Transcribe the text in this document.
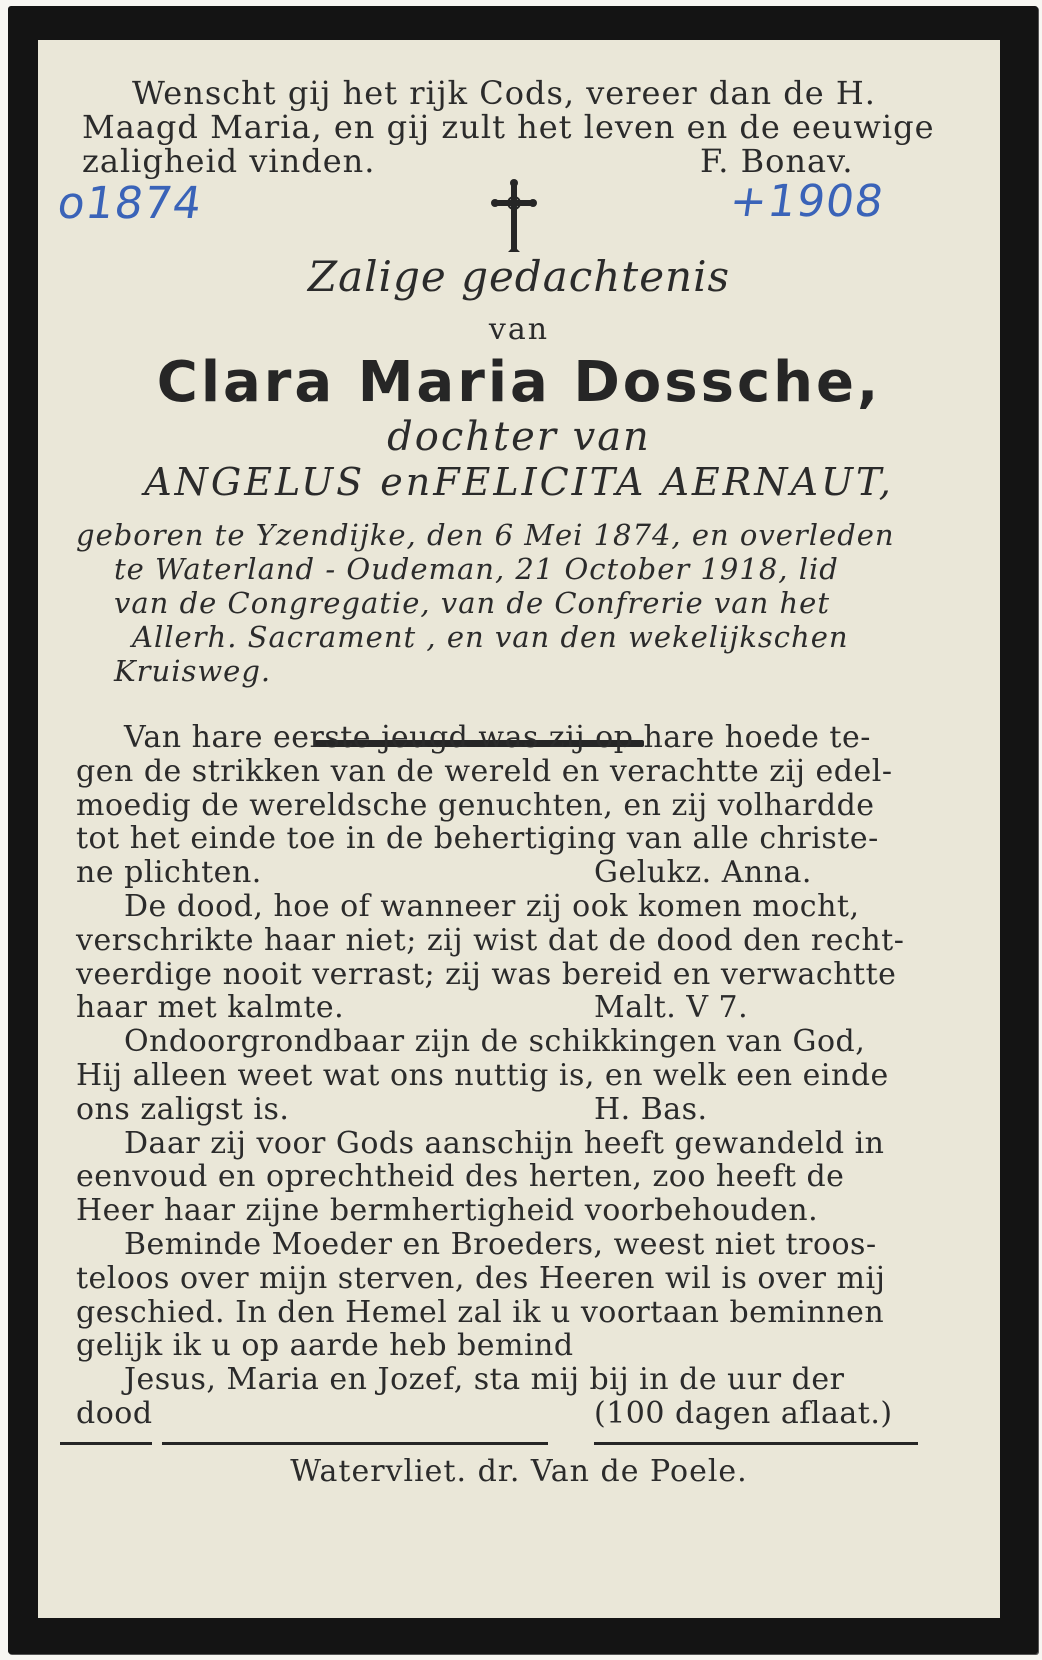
Wenscht gij het rijk Cods, vereer dan de H.

Maagd Maria, en gij zult het leven en de eeuwige

zaligheid vinden.	F. Bonav.

o1874	+1908

Zalige gedachtenis

van

Clara Maria Dossche,

dochter van

ANGELUS enFELICITA AERNAUT,

geboren te Yzendijke, den 6 Mei 1874, en overleden

te Waterland - Oudeman, 21 October 1918, lid

van de Congregatie, van de Confrerie van het

Allerh. Sacrament , en van den wekelijkschen

Kruisweg.

Van hare eerste jeugd was zij op hare hoede te-

gen de strikken van de wereld en verachtte zij edel-

moedig de wereldsche genuchten, en zij volhardde

tot het einde toe in de behertiging van alle christe-

ne plichten.	Gelukz. Anna.

De dood, hoe of wanneer zij ook komen mocht,

verschrikte haar niet; zij wist dat de dood den recht-

veerdige nooit verrast; zij was bereid en verwachtte

haar met kalmte.	Malt. V 7.

Ondoorgrondbaar zijn de schikkingen van God,

Hij alleen weet wat ons nuttig is, en welk een einde

ons zaligst is.	H. Bas.

Daar zij voor Gods aanschijn heeft gewandeld in

eenvoud en oprechtheid des herten, zoo heeft de

Heer haar zijne bermhertigheid voorbehouden.

Beminde Moeder en Broeders, weest niet troos-

teloos over mijn sterven, des Heeren wil is over mij

geschied. In den Hemel zal ik u voortaan beminnen

gelijk ik u op aarde heb bemind

Jesus, Maria en Jozef, sta mij bij in de uur der

dood	(100 dagen aflaat.)

Watervliet. dr. Van de Poele.
